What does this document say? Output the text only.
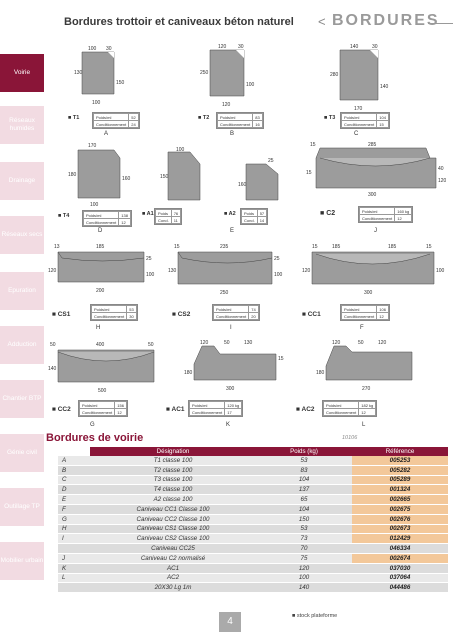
Bordures trottoir et caniveaux béton naturel < BORDURES
Voirie
Réseaux humides
Drainage
Réseaux secs
Epuration
Adduction
Chantier BTP
Génie civil
Outillage TP
Mobilier urbain
100 30
130
150
100
■ T1	Poids/ml	52
Conditionnement	24
A
120 30
250
100
120
■ T2	Poids/ml	83
Conditionnement	16
B
140	30
280
140
170
■ T3 Poids/ml	104
Conditionnement	15
C
170
180
160
100
■ T4	Poids/ml	138
Conditionnement	12
D
150
100
25
160
■ A1 Poids	76
Cond.	11
■ A2 Poids	57
Cond.	14
E
15	285
40
300
120
15
■ C2	Poids/ml	160 kg
Conditionnement	12
J
13	185
25
200
100
120
■ CS1
Poids/ml	53
Conditionnement	30
H
15	235
25
250
100
130
■ CS2
Poids/ml	74
Conditionnement	20
I
15	185	185	15
300
120	100
■ CC1
Poids/ml	106
Conditionnement	12
F
50	400	50
140
500
■ CC2
Poids/ml	156
Conditionnement	12
G
120	50	130
15
300
180
■ AC1
Poids/ml	120 kg
Conditionnement	17
K
120	50	120
270
180
■ AC2
Poids/ml	182 kg
Conditionnement	12
L
Bordures de voirie	10106
	Désignation	Poids (kg)	Référence
A	T1 classe 100	53	005253
B	T2 classe 100	83	005282
C	T3 classe 100	104	005289
D	T4 classe 100	137	001324
E	A2 classe 100	65	002665
F	Caniveau CC1 Classe 100	104	002675
G	Caniveau CC2 Classe 100	150	002676
H	Caniveau CS1 Classe 100	53	002673
I	Caniveau CS2 Classe 100	73	012429
	Caniveau CC25	70	046334
J	Caniveau C2 normalisé	75	002674
K	AC1	120	037030
L	AC2	100	037064
	20X30 Lg 1m	140	044486
4	■ stock plateforme
